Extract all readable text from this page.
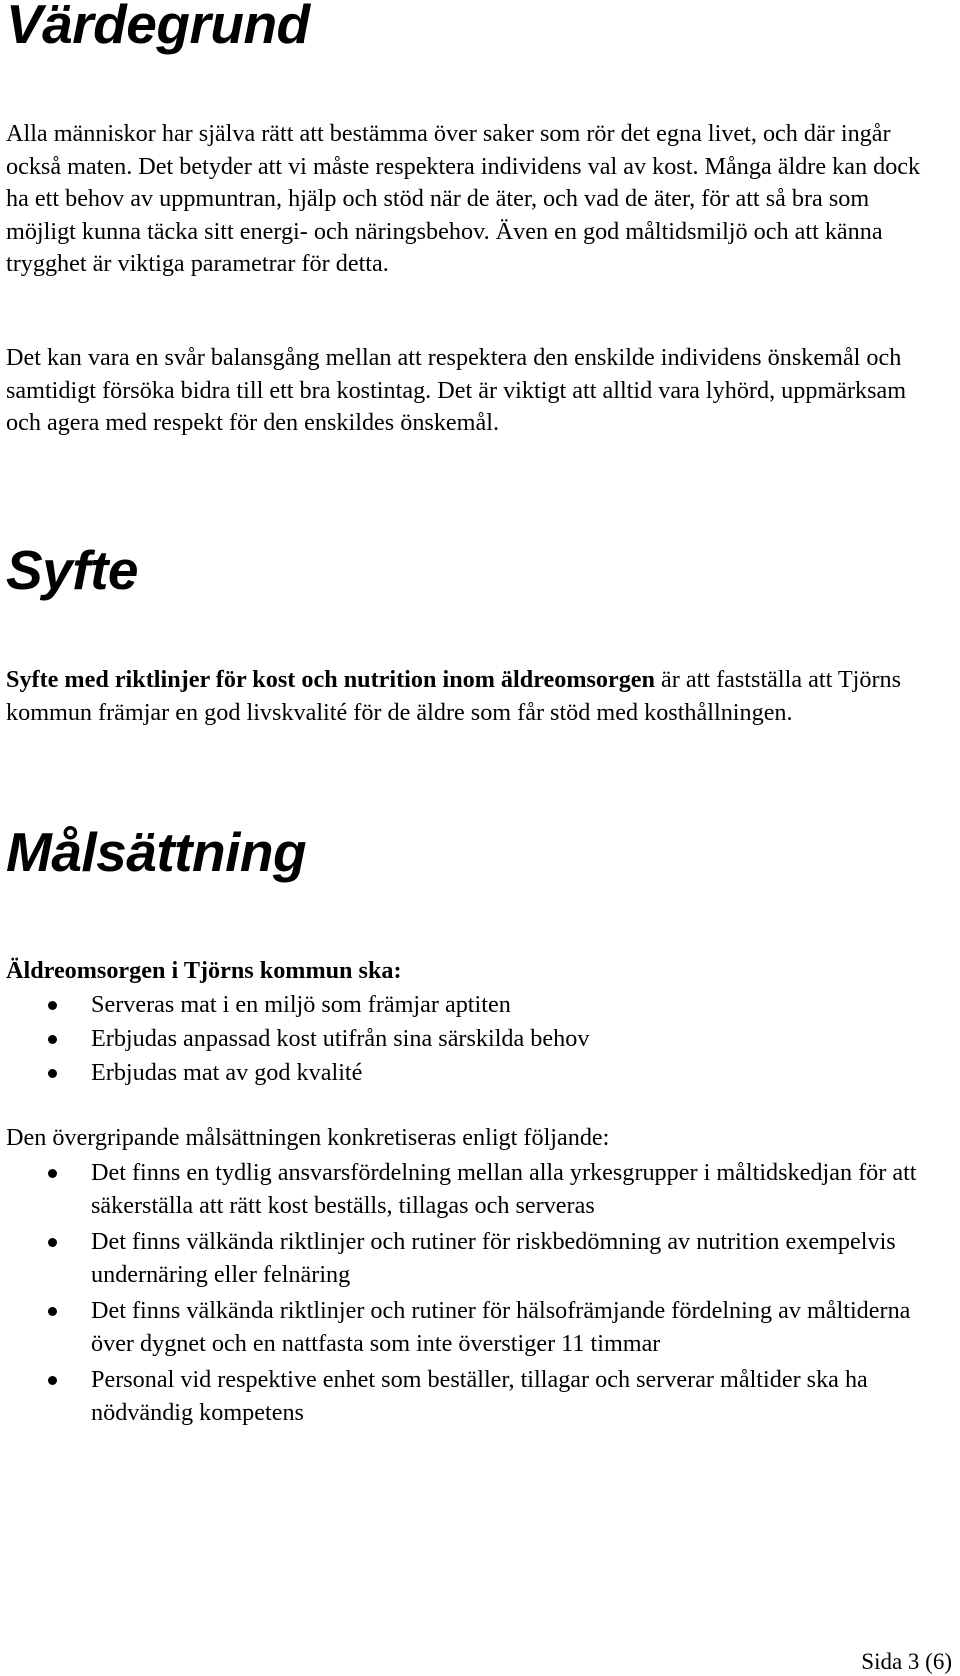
Värdegrund

Alla människor har själva rätt att bestämma över saker som rör det egna livet, och där ingår också maten. Det betyder att vi måste respektera individens val av kost. Många äldre kan dock ha ett behov av uppmuntran, hjälp och stöd när de äter, och vad de äter, för att så bra som möjligt kunna täcka sitt energi- och näringsbehov. Även en god måltidsmiljö och att känna trygghet är viktiga parametrar för detta.

Det kan vara en svår balansgång mellan att respektera den enskilde individens önskemål och samtidigt försöka bidra till ett bra kostintag. Det är viktigt att alltid vara lyhörd, uppmärksam och agera med respekt för den enskildes önskemål.

Syfte

Syfte med riktlinjer för kost och nutrition inom äldreomsorgen är att fastställa att Tjörns kommun främjar en god livskvalité för de äldre som får stöd med kosthållningen.

Målsättning

Äldreomsorgen i Tjörns kommun ska:

Serveras mat i en miljö som främjar aptiten
Erbjudas anpassad kost utifrån sina särskilda behov
Erbjudas mat av god kvalité

Den övergripande målsättningen konkretiseras enligt följande:

Det finns en tydlig ansvarsfördelning mellan alla yrkesgrupper i måltidskedjan för att säkerställa att rätt kost beställs, tillagas och serveras
Det finns välkända riktlinjer och rutiner för riskbedömning av nutrition exempelvis undernäring eller felnäring
Det finns välkända riktlinjer och rutiner för hälsofrämjande fördelning av måltiderna över dygnet och en nattfasta som inte överstiger 11 timmar
Personal vid respektive enhet som beställer, tillagar och serverar måltider ska ha nödvändig kompetens

Sida 3 (6)
